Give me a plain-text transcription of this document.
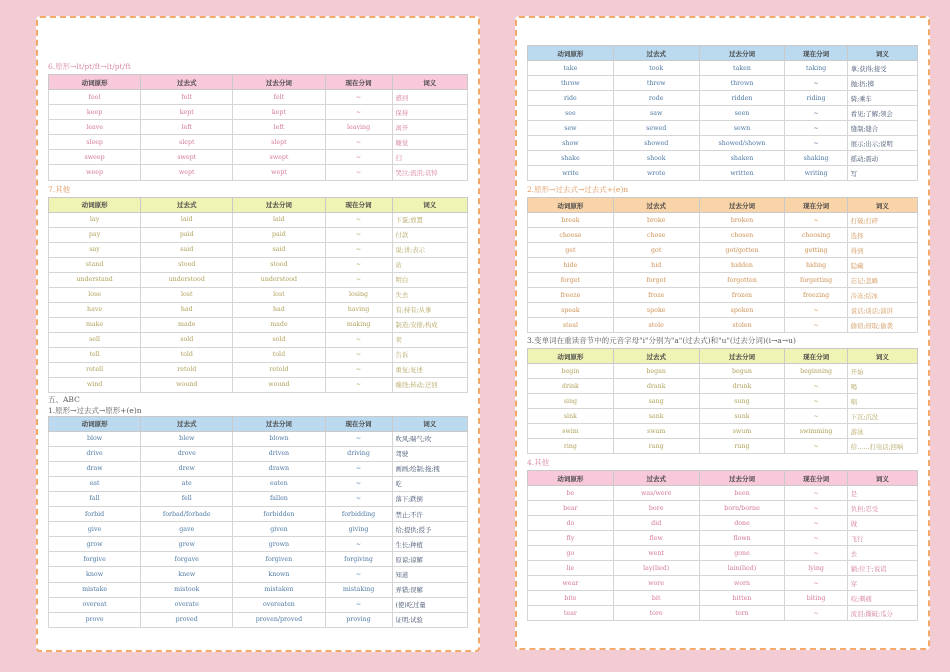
6.原形→lt/pt/ft→lt/pt/ft
动词原形	过去式	过去分词	现在分词	词义
feel	felt	felt	~	感到
keep	kept	kept	~	保持
leave	left	left	leaving	离开
sleep	slept	slept	~	睡觉
sweep	swept	swept	~	扫
weep	wept	wept	~	哭泣;流泪;哀悼
7.其他
动词原形	过去式	过去分词	现在分词	词义
lay	laid	laid	~	下蛋;放置
pay	paid	paid	~	付款
say	said	said	~	说;讲;表示
stand	stood	stood	~	站
understand	understood	understood	~	明白
lose	lost	lost	losing	失去
have	had	had	having	有;持有;从事
make	made	made	making	制造;安排;构成
sell	sold	sold	~	卖
tell	told	told	~	告诉
retell	retold	retold	~	重复;复述
wind	wound	wound	~	缠绕;转动;迂回
五、ABC
1.原形→过去式→原形+(e)n
动词原形	过去式	过去分词	现在分词	词义
blow	blew	blown	~	吹风;喘气;吹
drive	drove	driven	driving	驾驶
draw	drew	drawn	~	画画;绘制;拖;拽
eat	ate	eaten	~	吃
fall	fell	fallen	~	落下;跌倒
forbid	forbad/forbade	forbidden	forbidding	禁止;不许
give	gave	given	giving	给;提供;授予
grow	grew	grown	~	生长;种植
forgive	forgave	forgiven	forgiving	原谅;谅解
know	knew	known	~	知道
mistake	mistook	mistaken	mistaking	弄错;误解
overeat	overate	overeaten	~	(使)吃过量
prove	proved	proven/proved	proving	证明;试验
动词原形	过去式	过去分词	现在分词	词义
take	took	taken	taking	拿;获得;接受
throw	threw	thrown	~	抛;扔;掷
ride	rode	ridden	riding	骑;乘车
see	saw	seen	~	看见;了解;领会
sew	sewed	sewn	~	缝制;缝合
show	showed	showed/shown	~	展示;出示;说明
shake	shook	shaken	shaking	摇动;震动
write	wrote	written	writing	写
2.原形→过去式→过去式+(e)n
动词原形	过去式	过去分词	现在分词	词义
break	broke	broken	~	打破;打碎
choose	chose	chosen	choosing	选择
get	got	got/gotten	getting	得到
hide	hid	hidden	hiding	隐藏
forget	forgot	forgotten	forgetting	忘记;忽略
freeze	froze	frozen	freezing	冷冻;结冰
speak	spoke	spoken	~	说话;谈话;演讲
steal	stole	stolen	~	偷窃;窃取;偷袭
3.变单词在重读音节中的元音字母"i"分别为"a"(过去式)和"u"(过去分词)(i→a→u)
动词原形	过去式	过去分词	现在分词	词义
begin	began	begun	beginning	开始
drink	drank	drunk	~	喝
sing	sang	sung	~	唱
sink	sank	sunk	~	下沉;沉没
swim	swam	swum	swimming	游泳
ring	rang	rung	~	给……打电话;回响
4.其他
动词原形	过去式	过去分词	现在分词	词义
be	was/were	been	~	是
bear	bore	born/borne	~	负担;忍受
do	did	done	~	做
fly	flew	flown	~	飞行
go	went	gone	~	去
lie	lay(lied)	lain(lied)	lying	躺;位于;说谎
wear	wore	worn	~	穿
bite	bit	bitten	biting	咬;刺痛
tear	tore	torn	~	流泪;撕破;瓜分
